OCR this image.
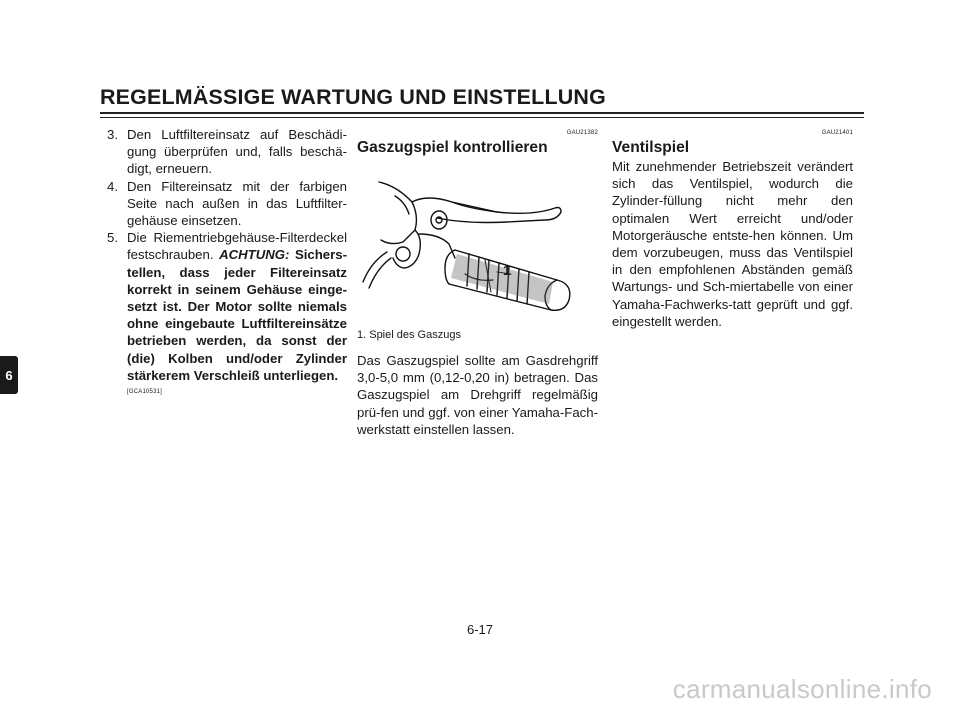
REGELMÄSSIGE WARTUNG UND EINSTELLUNG
6
3. Den Luftfiltereinsatz auf Beschädi-gung überprüfen und, falls beschä-digt, erneuern.
4. Den Filtereinsatz mit der farbigen Seite nach außen in das Luftfilter-gehäuse einsetzen.
5. Die Riementriebgehäuse-Filterdeckel festschrauben. ACHTUNG: Sichers-tellen, dass jeder Filtereinsatz korrekt in seinem Gehäuse einge-setzt ist. Der Motor sollte niemals ohne eingebaute Luftfiltereinsätze betrieben werden, da sonst der (die) Kolben und/oder Zylinder stärkerem Verschleiß unterliegen.
[GCA10531]
GAU21382
Gaszugspiel kontrollieren
1
1. Spiel des Gaszugs

Das Gaszugspiel sollte am Gasdrehgriff 3,0-5,0 mm (0,12-0,20 in) betragen. Das Gaszugspiel am Drehgriff regelmäßig prü-fen und ggf. von einer Yamaha-Fach-werkstatt einstellen lassen.

GAU21401
Ventilspiel

Mit zunehmender Betriebszeit verändert sich das Ventilspiel, wodurch die Zylinder-füllung nicht mehr den optimalen Wert erreicht und/oder Motorgeräusche entste-hen können. Um dem vorzubeugen, muss das Ventilspiel in den empfohlenen Abständen gemäß Wartungs- und Sch-miertabelle von einer Yamaha-Fachwerks-tatt geprüft und ggf. eingestellt werden.

6-17
carmanualsonline.info
